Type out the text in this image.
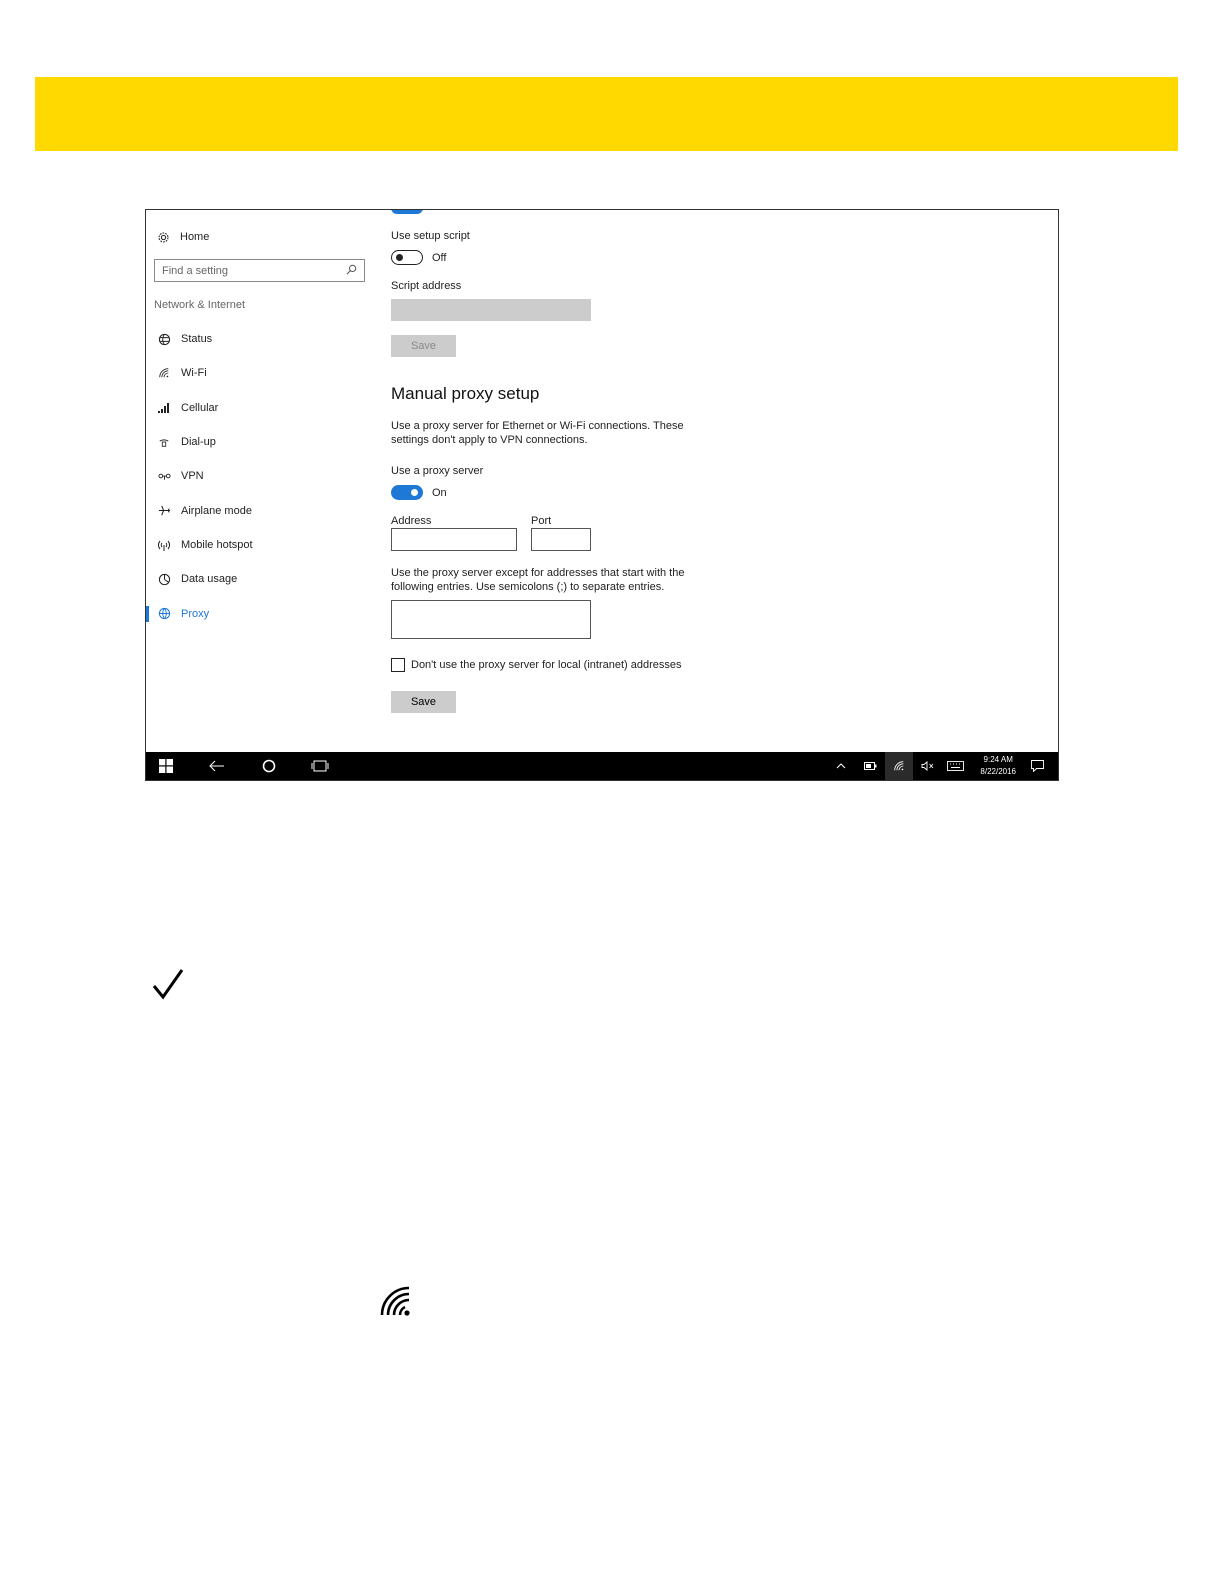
Home
Find a setting
Network & Internet
Status
Wi-Fi
Cellular
Dial-up
VPN
Airplane mode
Mobile hotspot
Data usage
Proxy
Use setup script
Off
Script address
Save
Manual proxy setup
Use a proxy server for Ethernet or Wi-Fi connections. These settings don't apply to VPN connections.
Use a proxy server
On
Address	Port
Use the proxy server except for addresses that start with the following entries. Use semicolons (;) to separate entries.
Don't use the proxy server for local (intranet) addresses
Save
9:24 AM
8/22/2016
